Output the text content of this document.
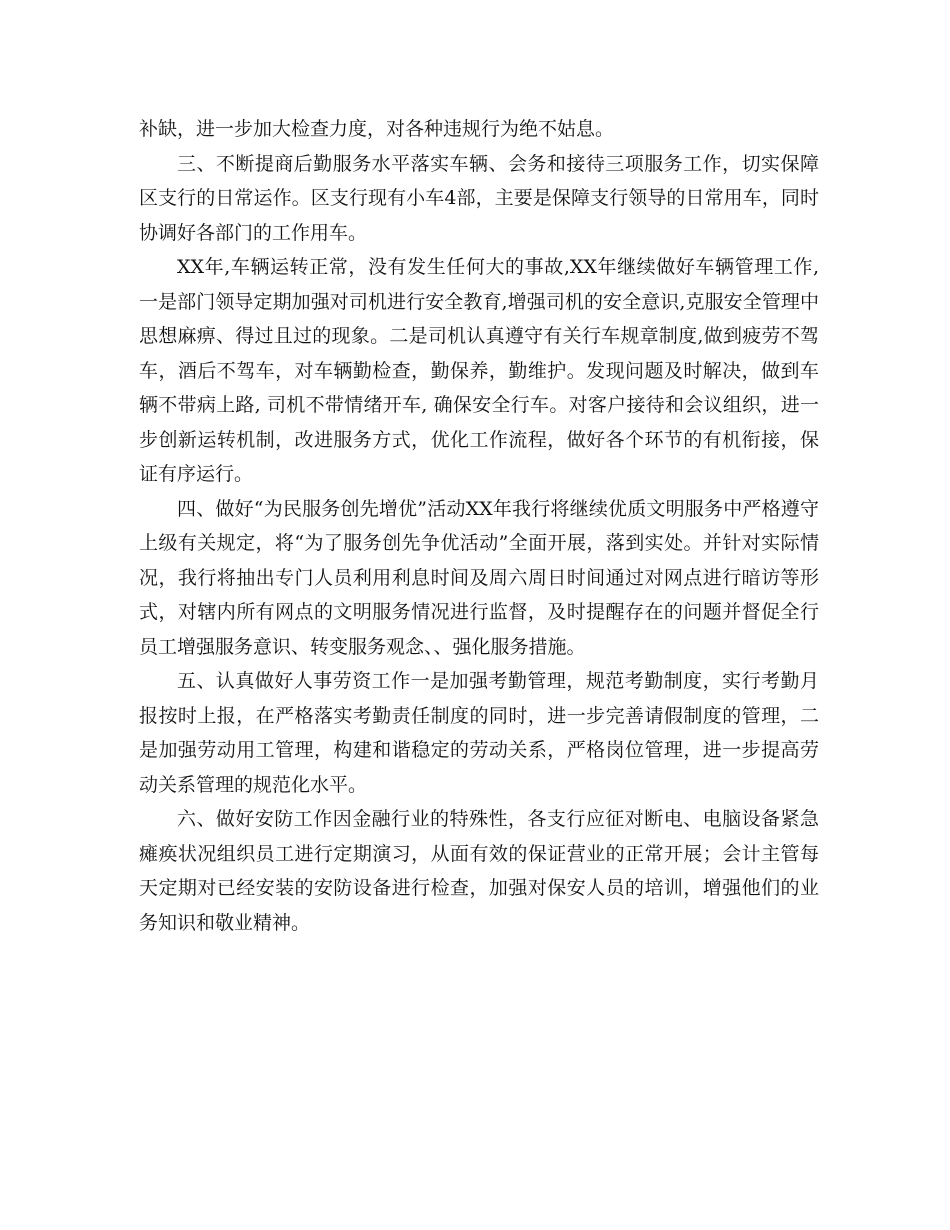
补缺，进一步加大检查力度，对各种违规行为绝不姑息。

三、不断提商后勤服务水平落实车辆、会务和接待三项服务工作，切实保障区支行的日常运作。区支行现有小车4部，主要是保障支行领导的日常用车，同时协调好各部门的工作用车。

XX年,车辆运转正常，没有发生任何大的事故,XX年继续做好车辆管理工作,一是部门领导定期加强对司机进行安全教育,增强司机的安全意识,克服安全管理中思想麻痹、得过且过的现象。二是司机认真遵守有关行车规章制度,做到疲劳不驾车，酒后不驾车，对车辆勤检查，勤保养，勤维护。发现问题及时解决，做到车辆不带病上路, 司机不带情绪开车, 确保安全行车。对客户接待和会议组织，进一步创新运转机制，改进服务方式，优化工作流程，做好各个环节的有机衔接，保证有序运行。

四、做好“为民服务创先增优”活动XX年我行将继续优质文明服务中严格遵守上级有关规定，将“为了服务创先争优活动”全面开展，落到实处。并针对实际情况，我行将抽出专门人员利用利息时间及周六周日时间通过对网点进行暗访等形式，对辖内所有网点的文明服务情况进行监督，及时提醒存在的问题并督促全行员工增强服务意识、转变服务观念、、强化服务措施。

五、认真做好人事劳资工作一是加强考勤管理，规范考勤制度，实行考勤月报按时上报，在严格落实考勤责任制度的同时，进一步完善请假制度的管理，二是加强劳动用工管理，构建和谐稳定的劳动关系，严格岗位管理，进一步提高劳动关系管理的规范化水平。

六、做好安防工作因金融行业的特殊性，各支行应征对断电、电脑设备紧急瘫痪状况组织员工进行定期演习，从面有效的保证营业的正常开展；会计主管每天定期对已经安装的安防设备进行检查，加强对保安人员的培训，增强他们的业务知识和敬业精神。
